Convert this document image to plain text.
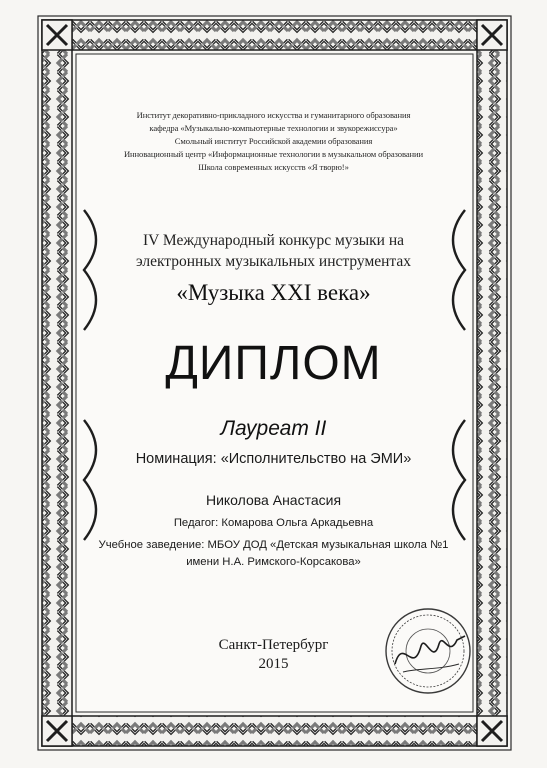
Институт декоративно-прикладного искусства и гуманитарного образования
кафедра «Музыкально-компьютерные технологии и звукорежиссура»
Смольный институт Российской академии образования
Инновационный центр «Информационные технологии в музыкальном образовании
Школа современных искусств «Я творю!»
IV Международный конкурс музыки на
электронных музыкальных инструментах
«Музыка XXI века»
ДИПЛОМ
Лауреат II
Номинация: «Исполнительство на ЭМИ»
Николова Анастасия
Педагог: Комарова Ольга Аркадьевна
Учебное заведение: МБОУ ДОД «Детская музыкальная школа №1
имени Н.А. Римского-Корсакова»
Санкт-Петербург
2015
